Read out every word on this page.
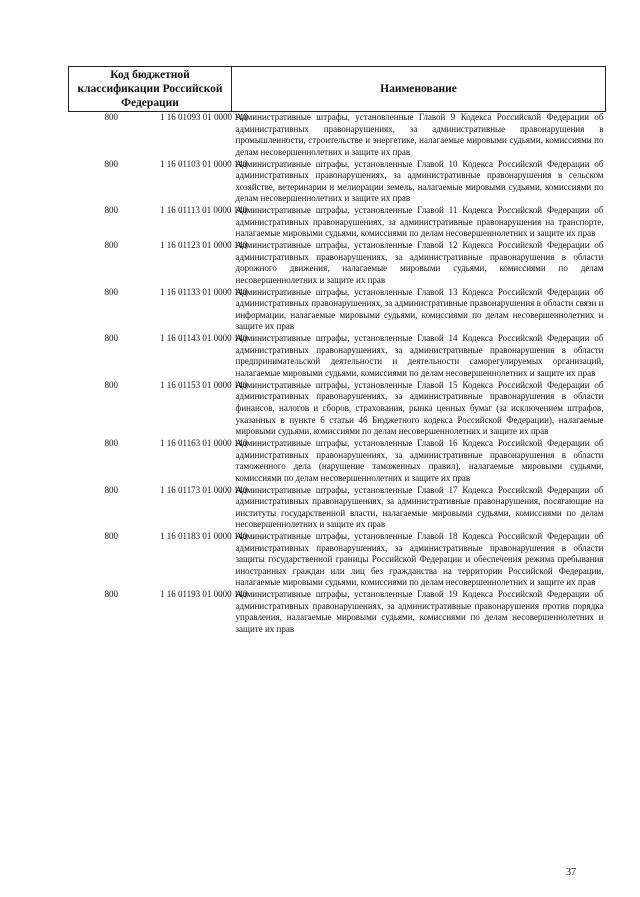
Код бюджетной классификации Российской Федерации		Наименование
800	1 16 01093 01 0000 140	Административные штрафы, установленные Главой 9 Кодекса Российской Федерации об административных правонарушениях, за административные правонарушения в промышленности, строительстве и энергетике, налагаемые мировыми судьями, комиссиями по делам несовершеннолетних и защите их прав
800	1 16 01103 01 0000 140	Административные штрафы, установленные Главой 10 Кодекса Российской Федерации об административных правонарушениях, за административные правонарушения в сельском хозяйстве, ветеринарии и мелиорации земель, налагаемые мировыми судьями, комиссиями по делам несовершеннолетних и защите их прав
800	1 16 01113 01 0000 140	Административные штрафы, установленные Главой 11 Кодекса Российской Федерации об административных правонарушениях, за административные правонарушения на транспорте, налагаемые мировыми судьями, комиссиями по делам несовершеннолетних и защите их прав
800	1 16 01123 01 0000 140	Административные штрафы, установленные Главой 12 Кодекса Российской Федерации об административных правонарушениях, за административные правонарушения в области дорожного движения, налагаемые мировыми судьями, комиссиями по делам несовершеннолетних и защите их прав
800	1 16 01133 01 0000 140	Административные штрафы, установленные Главой 13 Кодекса Российской Федерации об административных правонарушениях, за административные правонарушения в области связи и информации, налагаемые мировыми судьями, комиссиями по делам несовершеннолетних и защите их прав
800	1 16 01143 01 0000 140	Административные штрафы, установленные Главой 14 Кодекса Российской Федерации об административных правонарушениях, за административные правонарушения в области предпринимательской деятельности и деятельности саморегулируемых организаций, налагаемые мировыми судьями, комиссиями по делам несовершеннолетних и защите их прав
800	1 16 01153 01 0000 140	Административные штрафы, установленные Главой 15 Кодекса Российской Федерации об административных правонарушениях, за административные правонарушения в области финансов, налогов и сборов, страхования, рынка ценных бумаг (за исключением штрафов, указанных в пункте 6 статьи 46 Бюджетного кодекса Российской Федерации), налагаемые мировыми судьями, комиссиями по делам несовершеннолетних и защите их прав
800	1 16 01163 01 0000 140	Административные штрафы, установленные Главой 16 Кодекса Российской Федерации об административных правонарушениях, за административные правонарушения в области таможенного дела (нарушение таможенных правил), налагаемые мировыми судьями, комиссиями по делам несовершеннолетних и защите их прав
800	1 16 01173 01 0000 140	Административные штрафы, установленные Главой 17 Кодекса Российской Федерации об административных правонарушениях, за административные правонарушения, посягающие на институты государственной власти, налагаемые мировыми судьями, комиссиями по делам несовершеннолетних и защите их прав
800	1 16 01183 01 0000 140	Административные штрафы, установленные Главой 18 Кодекса Российской Федерации об административных правонарушениях, за административные правонарушения в области защиты государственной границы Российской Федерации и обеспечения режима пребывания иностранных граждан или лиц без гражданства на территории Российской Федерации, налагаемые мировыми судьями, комиссиями по делам несовершеннолетних и защите их прав
800	1 16 01193 01 0000 140	Административные штрафы, установленные Главой 19 Кодекса Российской Федерации об административных правонарушениях, за административные правонарушения против порядка управления, налагаемые мировыми судьями, комиссиями по делам несовершеннолетних и защите их прав
37
